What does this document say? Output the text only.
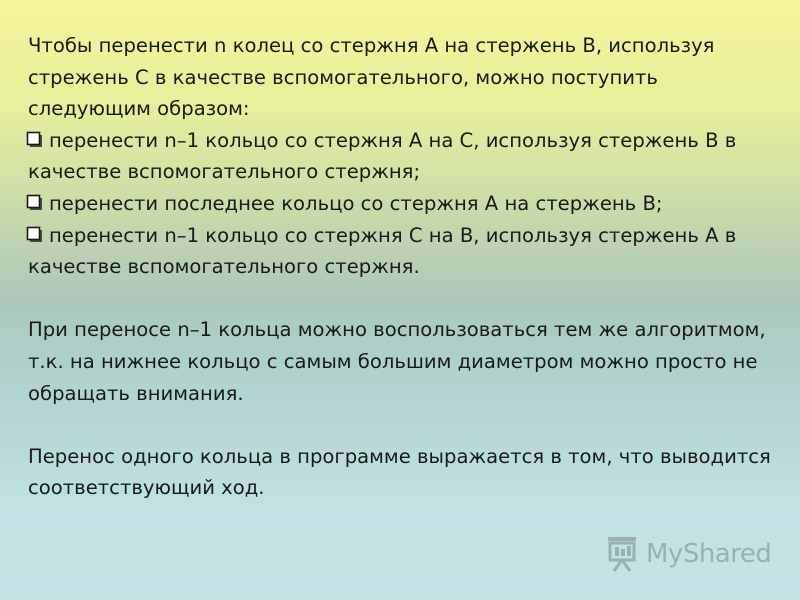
Чтобы перенести n колец со стержня A на стержень B, используя стрежень C в качестве вспомогательного, можно поступить следующим образом:

перенести n–1 кольцо со стержня A на C, используя стержень B в качестве вспомогательного стержня;

перенести последнее кольцо со стержня A на стержень B;

перенести n–1 кольцо со стержня C на B, используя стержень A в качестве вспомогательного стержня.

При переносе n–1 кольца можно воспользоваться тем же алгоритмом, т.к. на нижнее кольцо с самым большим диаметром можно просто не обращать внимания.

Перенос одного кольца в программе выражается в том, что выводится соответствующий ход.

MyShared
